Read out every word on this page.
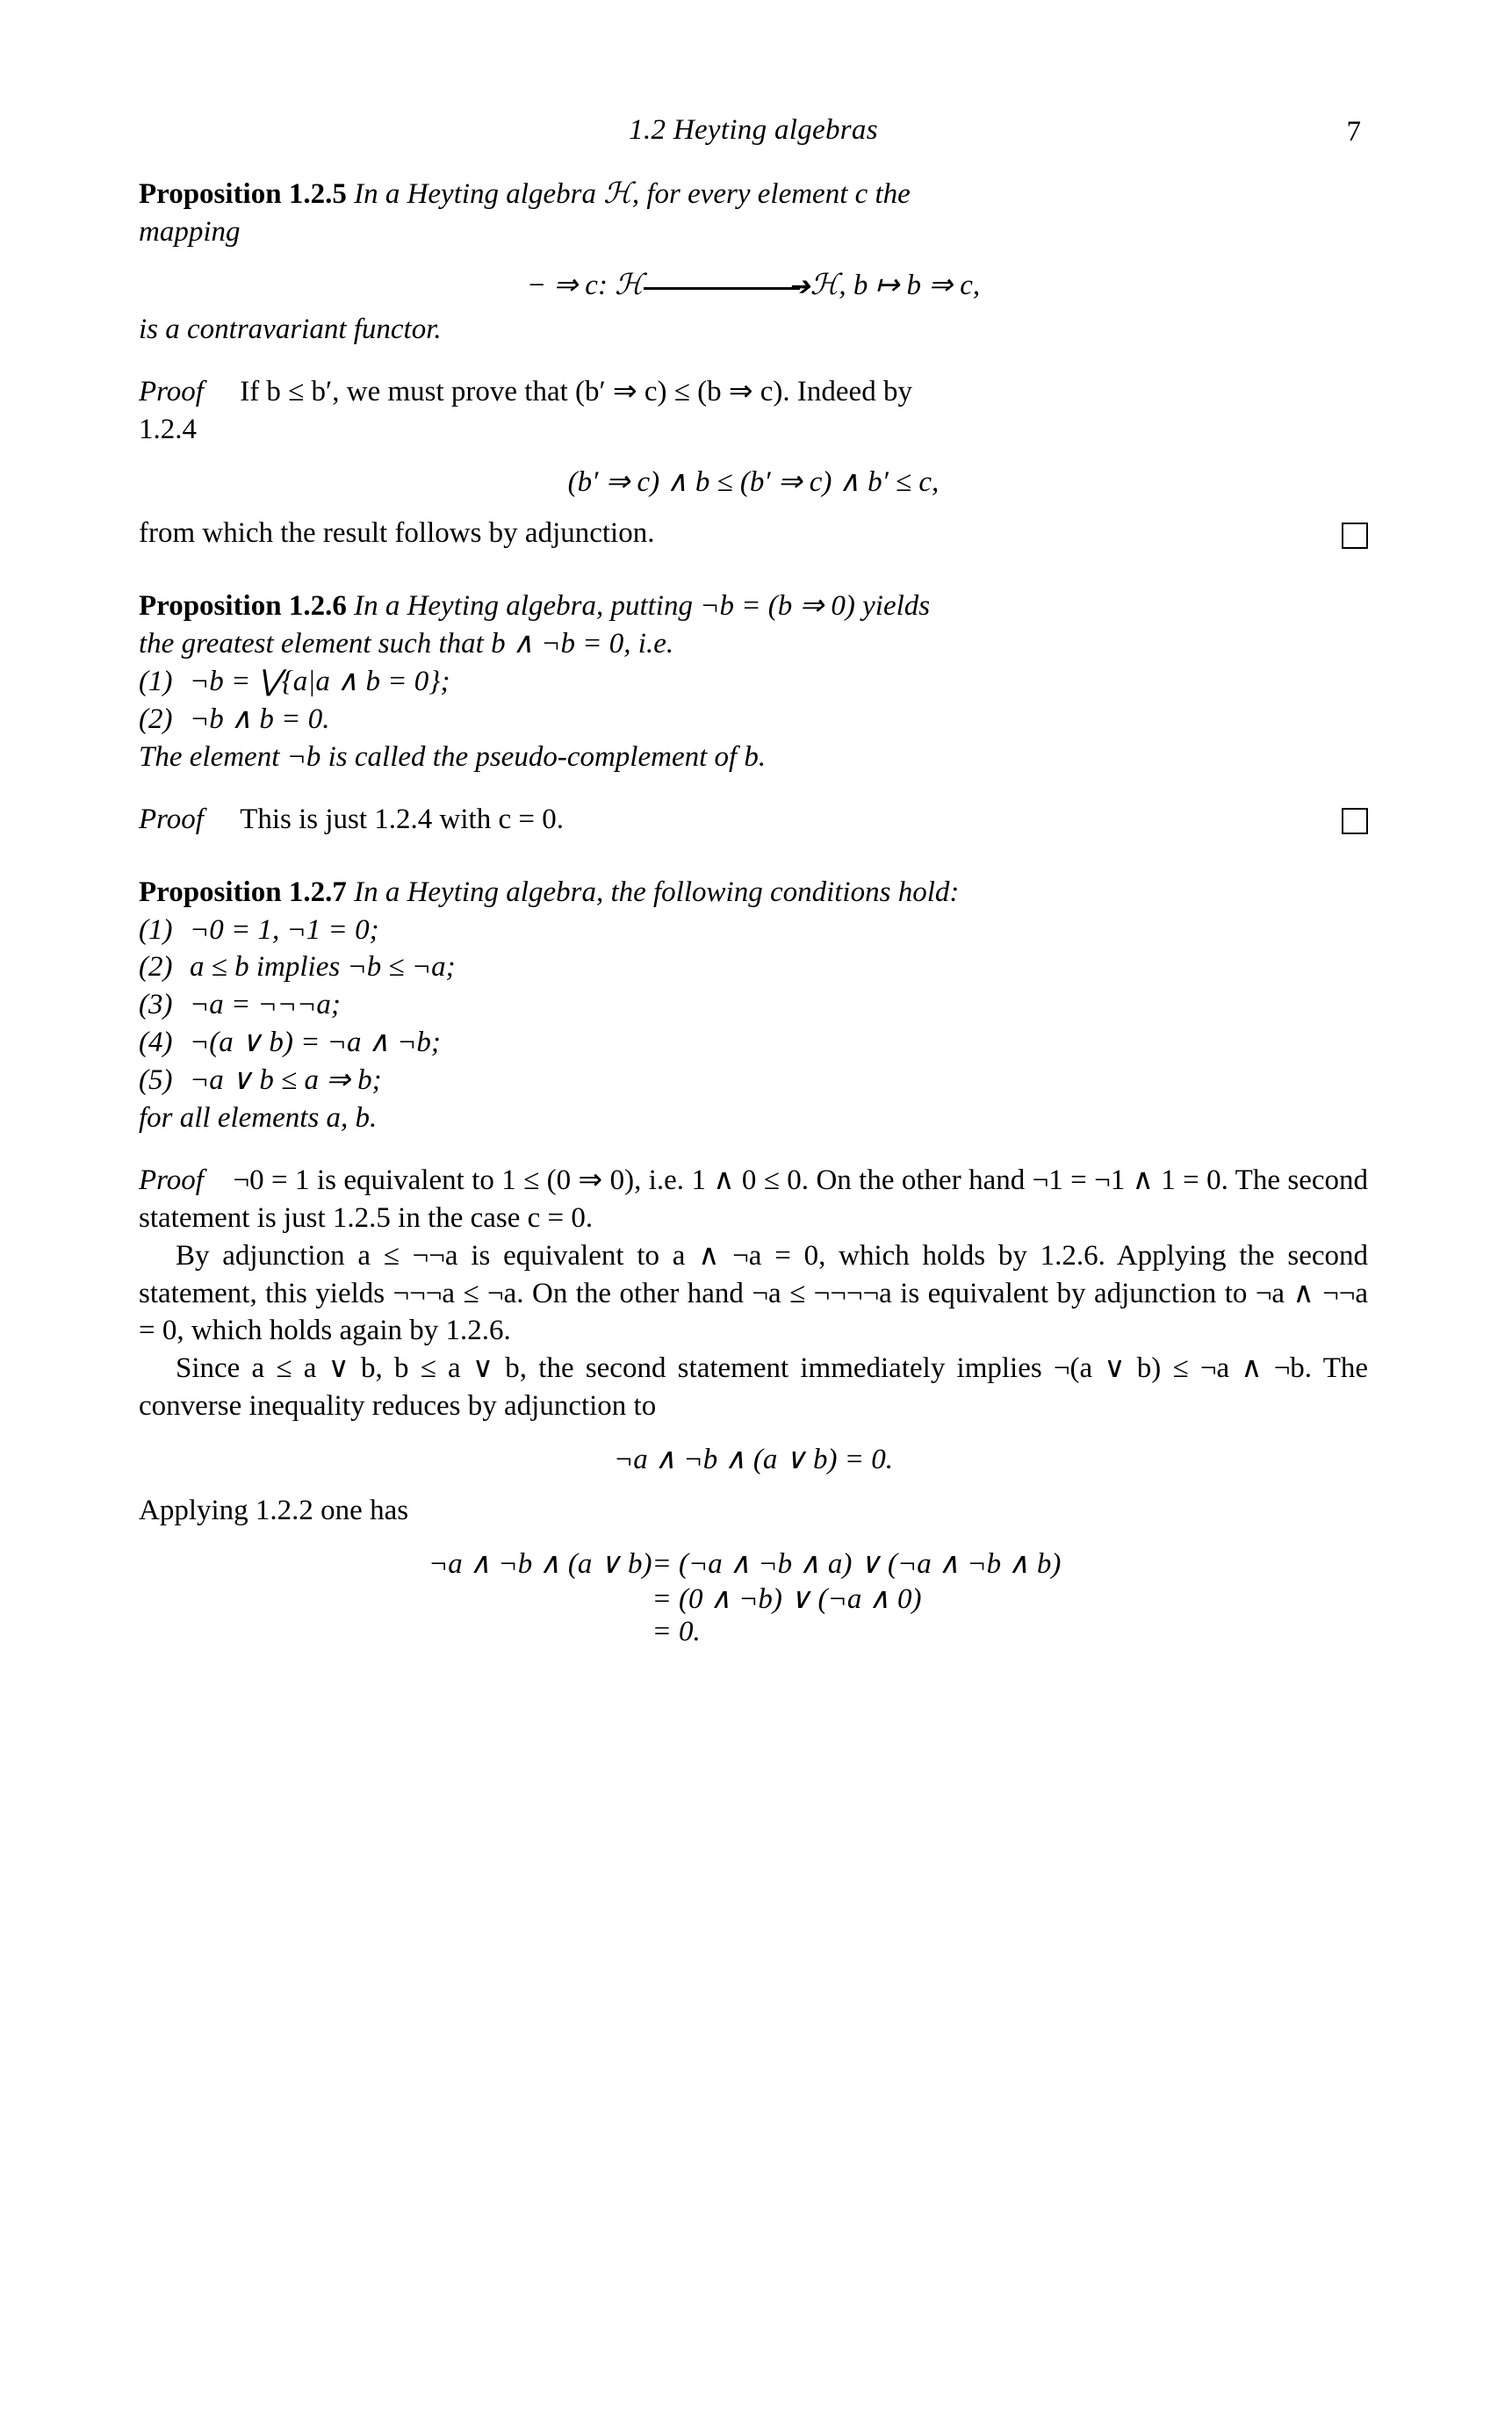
1.2 Heyting algebras	7
Proposition 1.2.5 In a Heyting algebra ℋ, for every element c the
mapping
− ⇒ c: ℋ	➔ ℋ, b ↦ b ⇒ c,
is a contravariant functor.
Proof If b ≤ b′, we must prove that (b′ ⇒ c) ≤ (b ⇒ c). Indeed by
1.2.4
(b′ ⇒ c) ∧ b ≤ (b′ ⇒ c) ∧ b′ ≤ c,
from which the result follows by adjunction.
Proposition 1.2.6 In a Heyting algebra, putting ¬b = (b ⇒ 0) yields
the greatest element such that b ∧ ¬b = 0, i.e.
(1) ¬b = ⋁{a|a ∧ b = 0};
(2) ¬b ∧ b = 0.
The element ¬b is called the pseudo-complement of b.
Proof This is just 1.2.4 with c = 0.
Proposition 1.2.7 In a Heyting algebra, the following conditions hold:
(1) ¬0 = 1, ¬1 = 0;
(2) a ≤ b implies ¬b ≤ ¬a;
(3) ¬a = ¬¬¬a;
(4) ¬(a ∨ b) = ¬a ∧ ¬b;
(5) ¬a ∨ b ≤ a ⇒ b;
for all elements a, b.
Proof ¬0 = 1 is equivalent to 1 ≤ (0 ⇒ 0), i.e. 1 ∧ 0 ≤ 0. On the other hand ¬1 = ¬1 ∧ 1 = 0. The second statement is just 1.2.5 in the case c = 0.
By adjunction a ≤ ¬¬a is equivalent to a ∧ ¬a = 0, which holds by 1.2.6. Applying the second statement, this yields ¬¬¬a ≤ ¬a. On the other hand ¬a ≤ ¬¬¬¬a is equivalent by adjunction to ¬a ∧ ¬¬a = 0, which holds again by 1.2.6.
Since a ≤ a ∨ b, b ≤ a ∨ b, the second statement immediately implies ¬(a ∨ b) ≤ ¬a ∧ ¬b. The converse inequality reduces by adjunction to
¬a ∧ ¬b ∧ (a ∨ b) = 0.
Applying 1.2.2 one has
¬a ∧ ¬b ∧ (a ∨ b)	= (¬a ∧ ¬b ∧ a) ∨ (¬a ∧ ¬b ∧ b)
	= (0 ∧ ¬b) ∨ (¬a ∧ 0)
	= 0.
